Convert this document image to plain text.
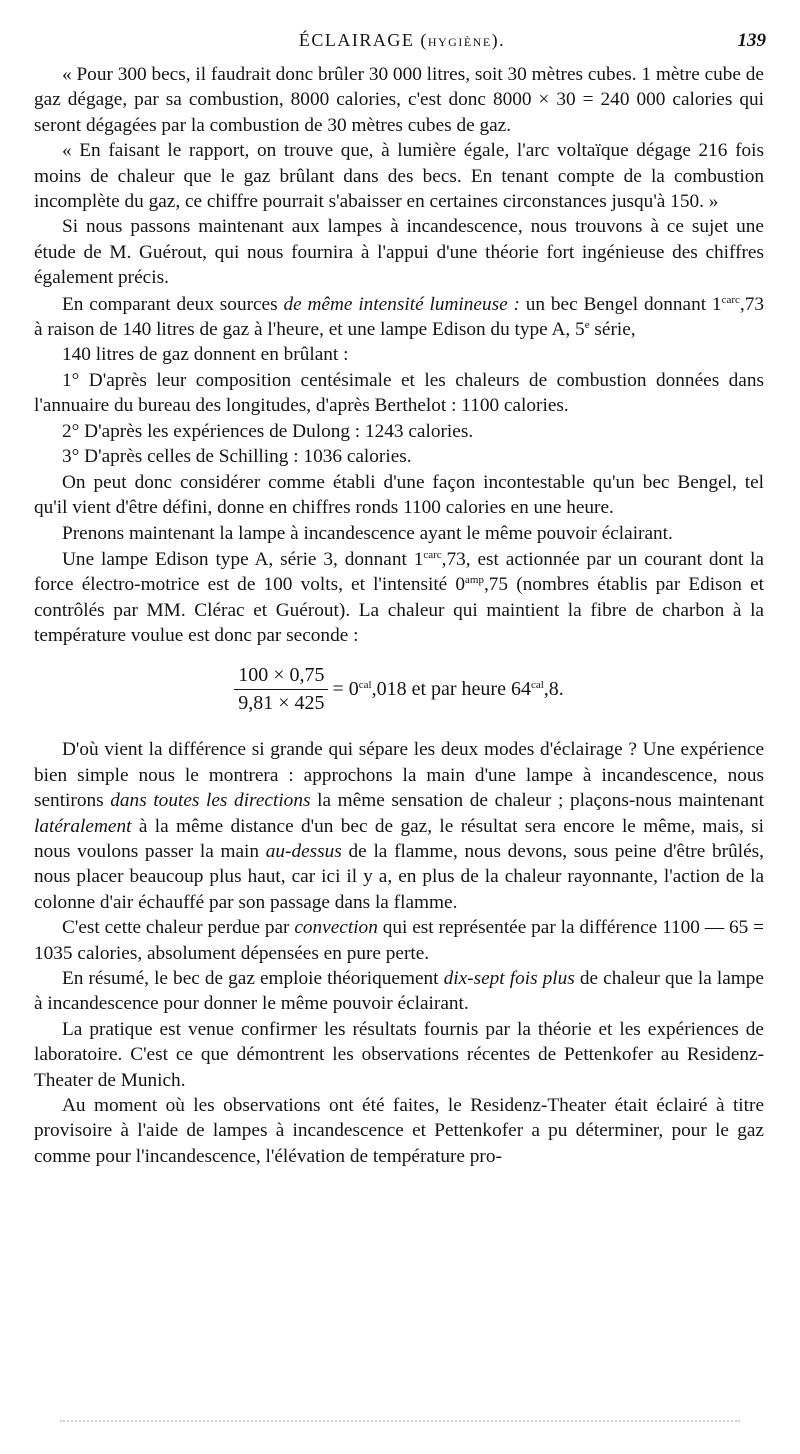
ÉCLAIRAGE (HYGIÈNE).	139

« Pour 300 becs, il faudrait donc brûler 30 000 litres, soit 30 mètres cubes. 1 mètre cube de gaz dégage, par sa combustion, 8000 calories, c'est donc 8000 × 30 = 240 000 calories qui seront dégagées par la combustion de 30 mètres cubes de gaz.

« En faisant le rapport, on trouve que, à lumière égale, l'arc voltaïque dégage 216 fois moins de chaleur que le gaz brûlant dans des becs. En tenant compte de la combustion incomplète du gaz, ce chiffre pourrait s'abaisser en certaines circonstances jusqu'à 150. »

Si nous passons maintenant aux lampes à incandescence, nous trouvons à ce sujet une étude de M. Guérout, qui nous fournira à l'appui d'une théorie fort ingénieuse des chiffres également précis.

En comparant deux sources de même intensité lumineuse : un bec Bengel donnant $1^{carc},73$ à raison de 140 litres de gaz à l'heure, et une lampe Edison du type A, 5e série,

140 litres de gaz donnent en brûlant :

1° D'après leur composition centésimale et les chaleurs de combustion données dans l'annuaire du bureau des longitudes, d'après Berthelot : 1100 calories.

2° D'après les expériences de Dulong : 1243 calories.

3° D'après celles de Schilling : 1036 calories.

On peut donc considérer comme établi d'une façon incontestable qu'un bec Bengel, tel qu'il vient d'être défini, donne en chiffres ronds 1100 calories en une heure.

Prenons maintenant la lampe à incandescence ayant le même pouvoir éclairant.

Une lampe Edison type A, série 3, donnant $1^{carc},73$, est actionnée par un courant dont la force électro-motrice est de 100 volts, et l'intensité $0^{amp},75$ (nombres établis par Edison et contrôlés par MM. Clérac et Guérout). La chaleur qui maintient la fibre de charbon à la température voulue est donc par seconde :

$\frac{100 \times 0,75}{9,81 \times 425} = 0^{cal},018$ et par heure $64^{cal},8$.

D'où vient la différence si grande qui sépare les deux modes d'éclairage ? Une expérience bien simple nous le montrera : approchons la main d'une lampe à incandescence, nous sentirons dans toutes les directions la même sensation de chaleur ; plaçons-nous maintenant latéralement à la même distance d'un bec de gaz, le résultat sera encore le même, mais, si nous voulons passer la main au-dessus de la flamme, nous devons, sous peine d'être brûlés, nous placer beaucoup plus haut, car ici il y a, en plus de la chaleur rayonnante, l'action de la colonne d'air échauffé par son passage dans la flamme.

C'est cette chaleur perdue par convection qui est représentée par la différence 1100 — 65 = 1035 calories, absolument dépensées en pure perte.

En résumé, le bec de gaz emploie théoriquement dix-sept fois plus de chaleur que la lampe à incandescence pour donner le même pouvoir éclairant.

La pratique est venue confirmer les résultats fournis par la théorie et les expériences de laboratoire. C'est ce que démontrent les observations récentes de Pettenkofer au Residenz-Theater de Munich.

Au moment où les observations ont été faites, le Residenz-Theater était éclairé à titre provisoire à l'aide de lampes à incandescence et Pettenkofer a pu déterminer, pour le gaz comme pour l'incandescence, l'élévation de température pro-
